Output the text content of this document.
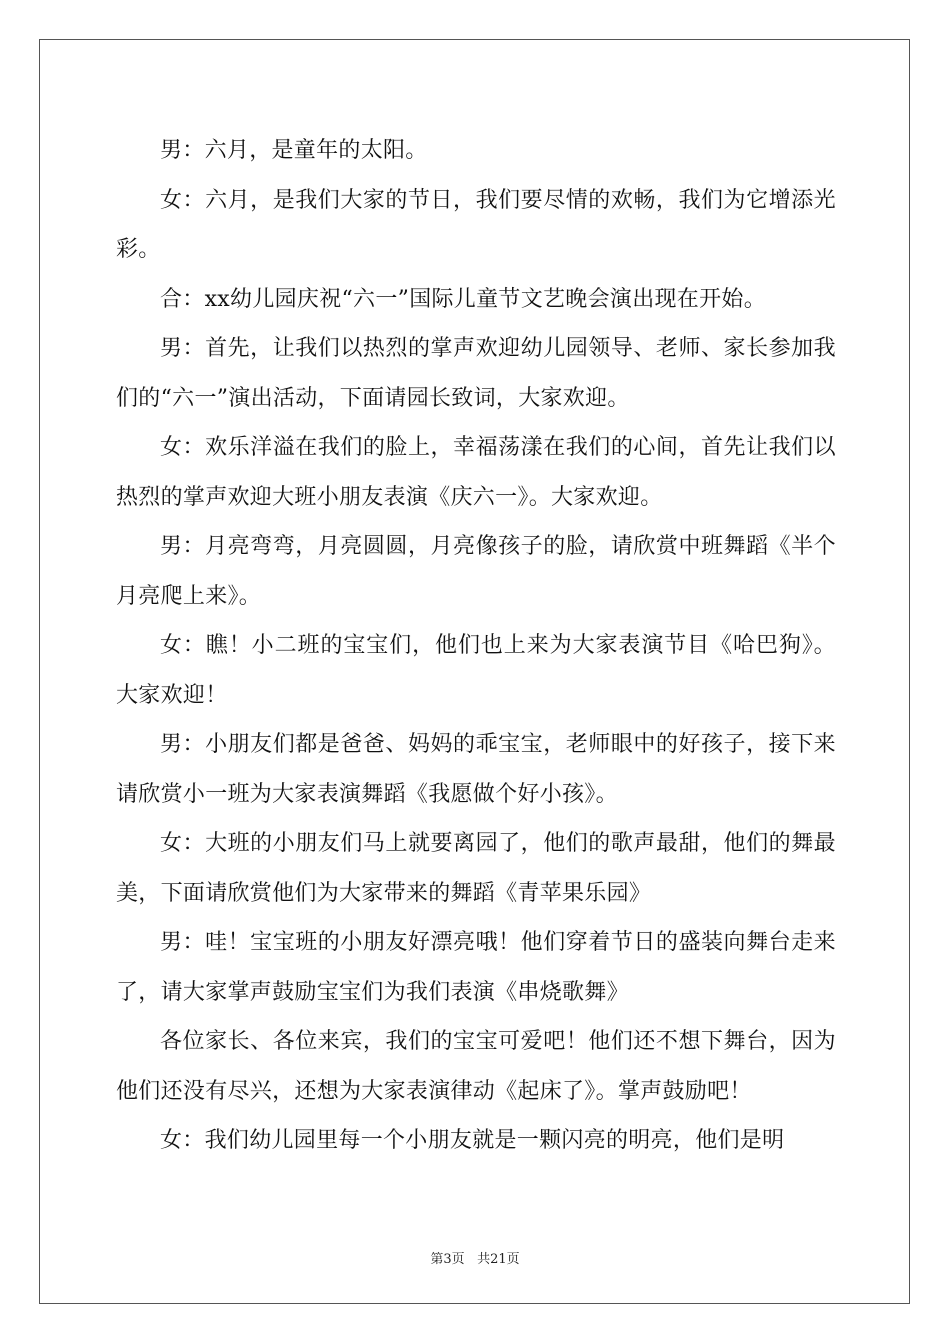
男：六月，是童年的太阳。

女：六月，是我们大家的节日，我们要尽情的欢畅，我们为它增添光彩。

合：xx幼儿园庆祝“六一”国际儿童节文艺晚会演出现在开始。

男：首先，让我们以热烈的掌声欢迎幼儿园领导、老师、家长参加我们的“六一”演出活动，下面请园长致词，大家欢迎。

女：欢乐洋溢在我们的脸上，幸福荡漾在我们的心间，首先让我们以热烈的掌声欢迎大班小朋友表演《庆六一》。大家欢迎。

男：月亮弯弯，月亮圆圆，月亮像孩子的脸，请欣赏中班舞蹈《半个月亮爬上来》。

女：瞧！小二班的宝宝们，他们也上来为大家表演节目《哈巴狗》。大家欢迎！

男：小朋友们都是爸爸、妈妈的乖宝宝，老师眼中的好孩子，接下来请欣赏小一班为大家表演舞蹈《我愿做个好小孩》。

女：大班的小朋友们马上就要离园了，他们的歌声最甜，他们的舞最美，下面请欣赏他们为大家带来的舞蹈《青苹果乐园》

男：哇！宝宝班的小朋友好漂亮哦！他们穿着节日的盛装向舞台走来了，请大家掌声鼓励宝宝们为我们表演《串烧歌舞》

各位家长、各位来宾，我们的宝宝可爱吧！他们还不想下舞台，因为他们还没有尽兴，还想为大家表演律动《起床了》。掌声鼓励吧！

女：我们幼儿园里每一个小朋友就是一颗闪亮的明亮，他们是明

第3页 共21页
